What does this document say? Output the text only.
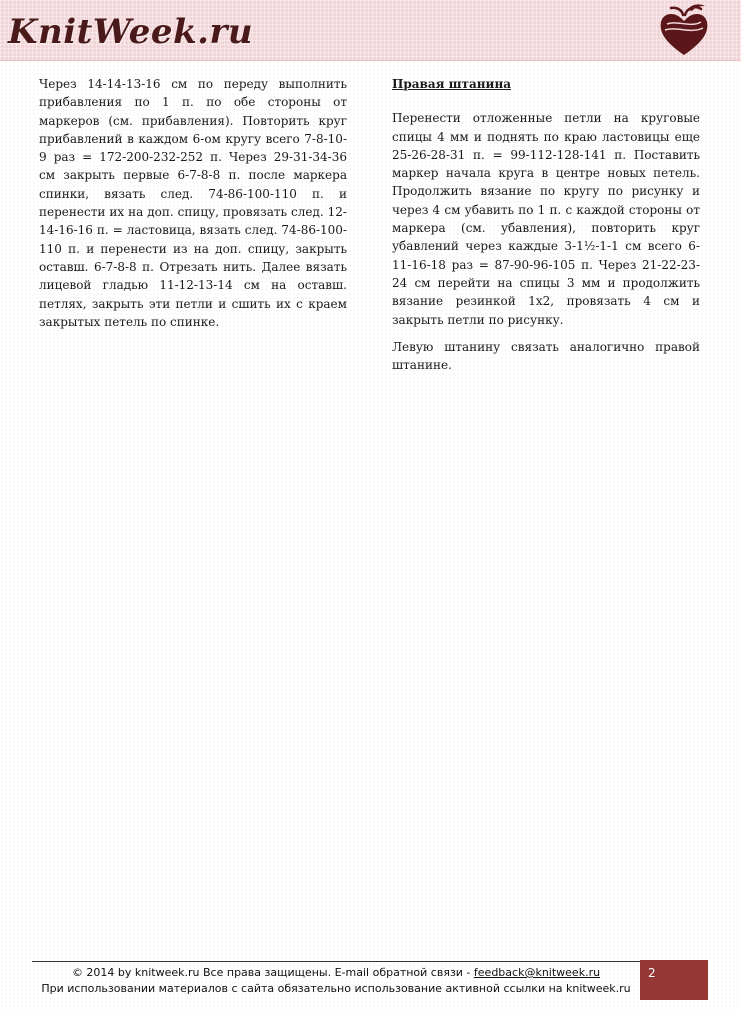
KnitWeek.ru

Через 14-14-13-16 см по переду выполнить прибавления по 1 п. по обе стороны от маркеров (см. прибавления). Повторить круг прибавлений в каждом 6-ом кругу всего 7-8-10-9 раз = 172-200-232-252 п. Через 29-31-34-36 см закрыть первые 6-7-8-8 п. после маркера спинки, вязать след. 74-86-100-110 п. и перенести их на доп. спицу, провязать след. 12-14-16-16 п. = ластовица, вязать след. 74-86-100-110 п. и перенести из на доп. спицу, закрыть оставш. 6-7-8-8 п. Отрезать нить. Далее вязать лицевой гладью 11-12-13-14 см на оставш. петлях, закрыть эти петли и сшить их с краем закрытых петель по спинке.

Правая штанина

Перенести отложенные петли на круговые спицы 4 мм и поднять по краю ластовицы еще 25-26-28-31 п. = 99-112-128-141 п. Поставить маркер начала круга в центре новых петель. Продолжить вязание по кругу по рисунку и через 4 см убавить по 1 п. с каждой стороны от маркера (см. убавления), повторить круг убавлений через каждые 3-1½-1-1 см всего 6-11-16-18 раз = 87-90-96-105 п. Через 21-22-23-24 см перейти на спицы 3 мм и продолжить вязание резинкой 1х2, провязать 4 см и закрыть петли по рисунку.

Левую штанину связать аналогично правой штанине.

© 2014 by knitweek.ru Все права защищены. E-mail обратной связи - feedback@knitweek.ru
При использовании материалов с сайта обязательно использование активной ссылки на knitweek.ru
2
